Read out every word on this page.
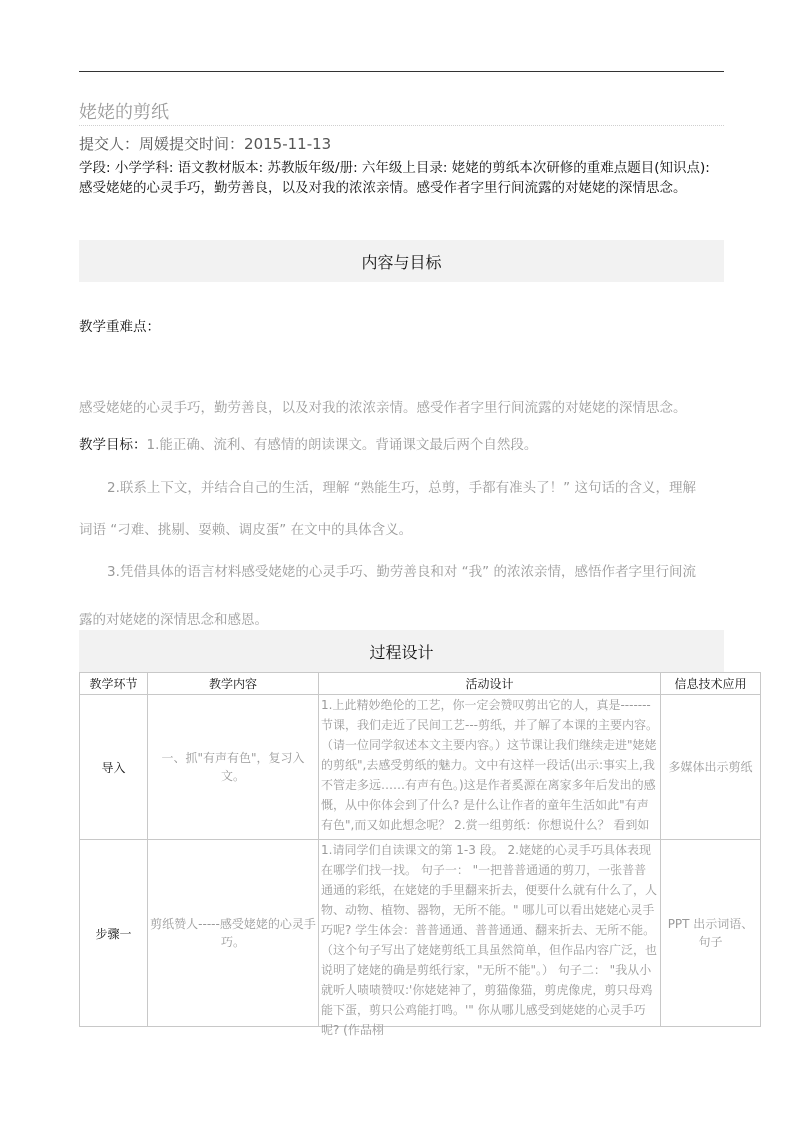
姥姥的剪纸
提交人：周媛提交时间：2015-11-13
学段: 小学学科: 语文教材版本: 苏教版年级/册: 六年级上目录: 姥姥的剪纸本次研修的重难点题目(知识点):
感受姥姥的心灵手巧，勤劳善良，以及对我的浓浓亲情。感受作者字里行间流露的对姥姥的深情思念。
内容与目标
教学重难点：
感受姥姥的心灵手巧，勤劳善良，以及对我的浓浓亲情。感受作者字里行间流露的对姥姥的深情思念。
教学目标：1.能正确、流利、有感情的朗读课文。背诵课文最后两个自然段。
2.联系上下文，并结合自己的生活，理解 “熟能生巧，总剪，手都有准头了！” 这句话的含义，理解
词语 “刁难、挑剔、耍赖、调皮蛋” 在文中的具体含义。
3.凭借具体的语言材料感受姥姥的心灵手巧、勤劳善良和对 “我” 的浓浓亲情，感悟作者字里行间流
露的对姥姥的深情思念和感恩。
过程设计
教学环节	教学内容	活动设计	信息技术应用
导入	一、抓"有声有色"，复习入文。	1.上此精妙绝伦的工艺，你一定会赞叹剪出它的人，真是-------节课，我们走近了民间工艺---剪纸，并了解了本课的主要内容。（请一位同学叙述本文主要内容。）这节课让我们继续走进"姥姥的剪纸",去感受剪纸的魅力。文中有这样一段话(出示:事实上,我不管走多远……有声有色。)这是作者奚源在离家多年后发出的感慨，从中你体会到了什么? 是什么让作者的童年生活如此"有声有色",而又如此想念呢？ 2.赏一组剪纸：你想说什么？ 看到如	多媒体出示剪纸
步骤一	剪纸赞人-----感受姥姥的心灵手巧。	1.请同学们自读课文的第 1-3 段。 2.姥姥的心灵手巧具体表现在哪学们找一找。 句子一： "一把普普通通的剪刀，一张普普通通的彩纸，在姥姥的手里翻来折去，便要什么就有什么了，人物、动物、植物、器物，无所不能。" 哪儿可以看出姥姥心灵手巧呢? 学生体会：普普通通、普普通通、翻来折去、无所不能。 （这个句子写出了姥姥剪纸工具虽然简单，但作品内容广泛，也说明了姥姥的确是剪纸行家，"无所不能"。） 句子二： "我从小就听人啧啧赞叹:'你姥姥神了，剪猫像猫，剪虎像虎，剪只母鸡能下蛋，剪只公鸡能打鸣。'" 你从哪儿感受到姥姥的心灵手巧呢? (作品栩	PPT 出示词语、句子
